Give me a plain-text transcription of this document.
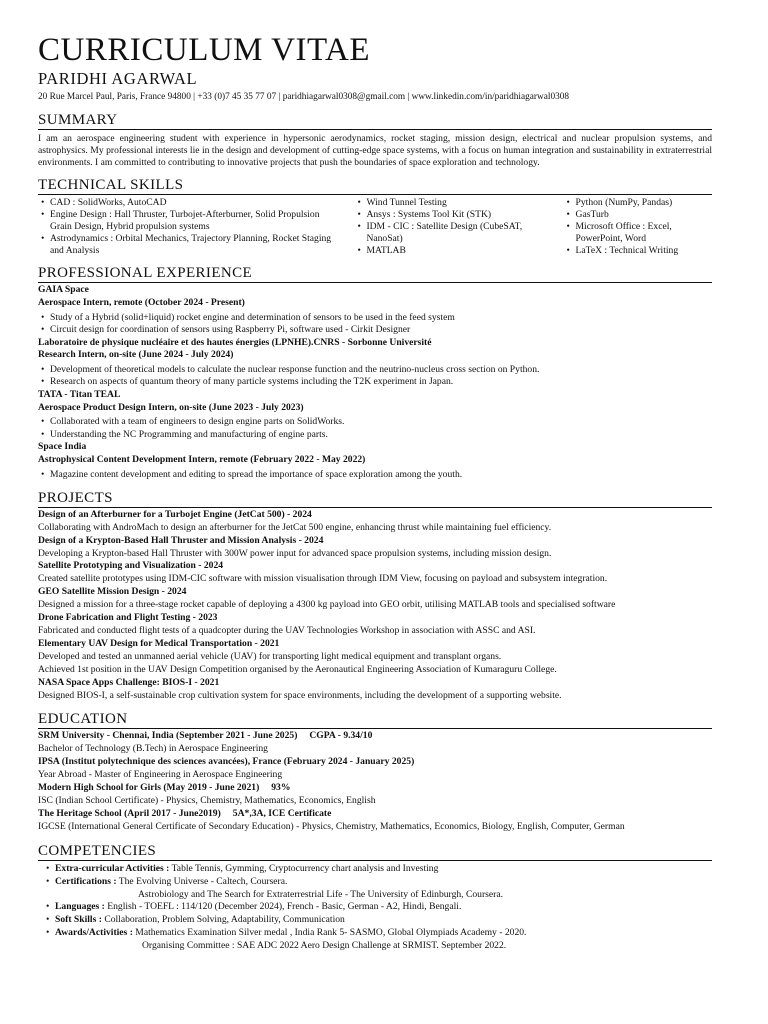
CURRICULUM VITAE
PARIDHI AGARWAL
20 Rue Marcel Paul, Paris, France 94800 | +33 (0)7 45 35 77 07 | paridhiagarwal0308@gmail.com | www.linkedin.com/in/paridhiagarwal0308
SUMMARY
I am an aerospace engineering student with experience in hypersonic aerodynamics, rocket staging, mission design, electrical and nuclear propulsion systems, and astrophysics. My professional interests lie in the design and development of cutting-edge space systems, with a focus on human integration and sustainability in extraterrestrial environments. I am committed to contributing to innovative projects that push the boundaries of space exploration and technology.
TECHNICAL SKILLS
• CAD : SolidWorks, AutoCAD
• Engine Design : Hall Thruster, Turbojet-Afterburner, Solid Propulsion Grain Design, Hybrid propulsion systems
• Astrodynamics : Orbital Mechanics, Trajectory Planning, Rocket Staging and Analysis
• Wind Tunnel Testing
• Ansys : Systems Tool Kit (STK)
• IDM - CIC : Satellite Design (CubeSAT, NanoSat)
• MATLAB
• Python (NumPy, Pandas)
• GasTurb
• Microsoft Office : Excel, PowerPoint, Word
• LaTeX : Technical Writing
PROFESSIONAL EXPERIENCE
GAIA Space
Aerospace Intern, remote (October 2024 - Present)
• Study of a Hybrid (solid+liquid) rocket engine and determination of sensors to be used in the feed system
• Circuit design for coordination of sensors using Raspberry Pi, software used - Cirkit Designer
Laboratoire de physique nucléaire et des hautes énergies (LPNHE).CNRS - Sorbonne Université
Research Intern, on-site (June 2024 - July 2024)
• Development of theoretical models to calculate the nuclear response function and the neutrino-nucleus cross section on Python.
• Research on aspects of quantum theory of many particle systems including the T2K experiment in Japan.
TATA - Titan TEAL
Aerospace Product Design Intern, on-site (June 2023 - July 2023)
• Collaborated with a team of engineers to design engine parts on SolidWorks.
• Understanding the NC Programming and manufacturing of engine parts.
Space India
Astrophysical Content Development Intern, remote (February 2022 - May 2022)
• Magazine content development and editing to spread the importance of space exploration among the youth.
PROJECTS
Design of an Afterburner for a Turbojet Engine (JetCat 500) - 2024
Collaborating with AndroMach to design an afterburner for the JetCat 500 engine, enhancing thrust while maintaining fuel efficiency.
Design of a Krypton-Based Hall Thruster and Mission Analysis - 2024
Developing a Krypton-based Hall Thruster with 300W power input for advanced space propulsion systems, including mission design.
Satellite Prototyping and Visualization - 2024
Created satellite prototypes using IDM-CIC software with mission visualisation through IDM View, focusing on payload and subsystem integration.
GEO Satellite Mission Design - 2024
Designed a mission for a three-stage rocket capable of deploying a 4300 kg payload into GEO orbit, utilising MATLAB tools and specialised software
Drone Fabrication and Flight Testing - 2023
Fabricated and conducted flight tests of a quadcopter during the UAV Technologies Workshop in association with ASSC and ASI.
Elementary UAV Design for Medical Transportation - 2021
Developed and tested an unmanned aerial vehicle (UAV) for transporting light medical equipment and transplant organs.
Achieved 1st position in the UAV Design Competition organised by the Aeronautical Engineering Association of Kumaraguru College.
NASA Space Apps Challenge: BIOS-I - 2021
Designed BIOS-I, a self-sustainable crop cultivation system for space environments, including the development of a supporting website.
EDUCATION
SRM University - Chennai, India (September 2021 - June 2025)     CGPA - 9.34/10
Bachelor of Technology (B.Tech) in Aerospace Engineering
IPSA (Institut polytechnique des sciences avancées), France (February 2024 - January 2025)
Year Abroad - Master of Engineering in Aerospace Engineering
Modern High School for Girls (May 2019 - June 2021)     93%
ISC (Indian School Certificate) - Physics, Chemistry, Mathematics, Economics, English
The Heritage School (April 2017 - June2019)     5A*,3A, ICE Certificate
IGCSE (International General Certificate of Secondary Education) - Physics, Chemistry, Mathematics, Economics, Biology, English, Computer, German
COMPETENCIES
• Extra-curricular Activities : Table Tennis, Gymming, Cryptocurrency chart analysis and Investing
• Certifications : The Evolving Universe - Caltech, Coursera.
Astrobiology and The Search for Extraterrestrial Life - The University of Edinburgh, Coursera.
• Languages : English - TOEFL : 114/120 (December 2024), French - Basic, German - A2, Hindi, Bengali.
• Soft Skills : Collaboration, Problem Solving, Adaptability, Communication
• Awards/Activities : Mathematics Examination Silver medal , India Rank 5- SASMO, Global Olympiads Academy - 2020.
Organising Committee : SAE ADC 2022 Aero Design Challenge at SRMIST. September 2022.
